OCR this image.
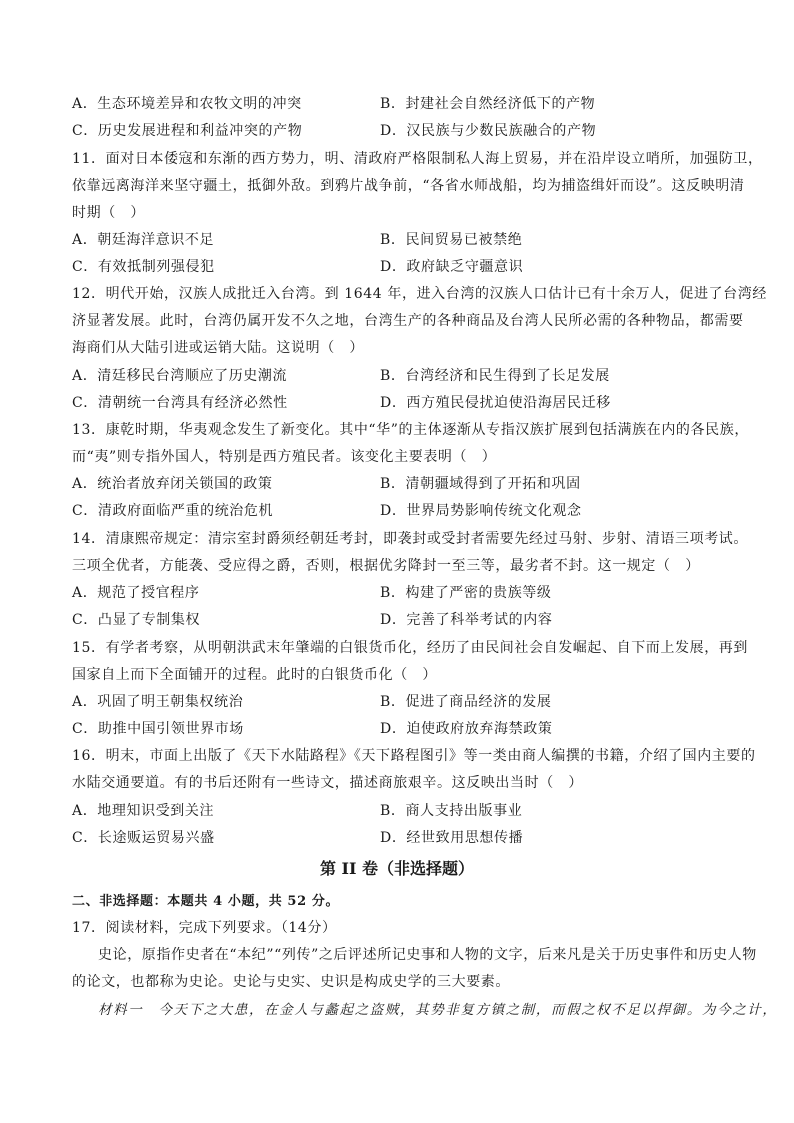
A．生态环境差异和农牧文明的冲突	B．封建社会自然经济低下的产物
C．历史发展进程和利益冲突的产物	D．汉民族与少数民族融合的产物
11．面对日本倭寇和东渐的西方势力，明、清政府严格限制私人海上贸易，并在沿岸设立哨所，加强防卫，
依靠远离海洋来坚守疆土，抵御外敌。到鸦片战争前，“各省水师战船，均为捕盗缉奸而设”。这反映明清
时期（　）
A．朝廷海洋意识不足	B．民间贸易已被禁绝
C．有效抵制列强侵犯	D．政府缺乏守疆意识
12．明代开始，汉族人成批迁入台湾。到 1644 年，进入台湾的汉族人口估计已有十余万人，促进了台湾经
济显著发展。此时，台湾仍属开发不久之地，台湾生产的各种商品及台湾人民所必需的各种物品，都需要
海商们从大陆引进或运销大陆。这说明（　）
A．清廷移民台湾顺应了历史潮流	B．台湾经济和民生得到了长足发展
C．清朝统一台湾具有经济必然性	D．西方殖民侵扰迫使沿海居民迁移
13．康乾时期，华夷观念发生了新变化。其中“华”的主体逐渐从专指汉族扩展到包括满族在内的各民族，
而“夷”则专指外国人，特别是西方殖民者。该变化主要表明（　）
A．统治者放弃闭关锁国的政策	B．清朝疆域得到了开拓和巩固
C．清政府面临严重的统治危机	D．世界局势影响传统文化观念
14．清康熙帝规定：清宗室封爵须经朝廷考封，即袭封或受封者需要先经过马射、步射、清语三项考试。
三项全优者，方能袭、受应得之爵，否则，根据优劣降封一至三等，最劣者不封。这一规定（　）
A．规范了授官程序	B．构建了严密的贵族等级
C．凸显了专制集权	D．完善了科举考试的内容
15．有学者考察，从明朝洪武末年肇端的白银货币化，经历了由民间社会自发崛起、自下而上发展，再到
国家自上而下全面铺开的过程。此时的白银货币化（　）
A．巩固了明王朝集权统治	B．促进了商品经济的发展
C．助推中国引领世界市场	D．迫使政府放弃海禁政策
16．明末，市面上出版了《天下水陆路程》《天下路程图引》等一类由商人编撰的书籍，介绍了国内主要的
水陆交通要道。有的书后还附有一些诗文，描述商旅艰辛。这反映出当时（　）
A．地理知识受到关注	B．商人支持出版事业
C．长途贩运贸易兴盛	D．经世致用思想传播
第 II 卷（非选择题）
二、非选择题：本题共 4 小题，共 52 分。
17．阅读材料，完成下列要求。（14分）
史论，原指作史者在“本纪”“列传”之后评述所记史事和人物的文字，后来凡是关于历史事件和历史人物
的论文，也都称为史论。史论与史实、史识是构成史学的三大要素。
材料一　今天下之大患，在金人与蠡起之盗贼，其势非复方镇之制，而假之权不足以捍御。为今之计，
